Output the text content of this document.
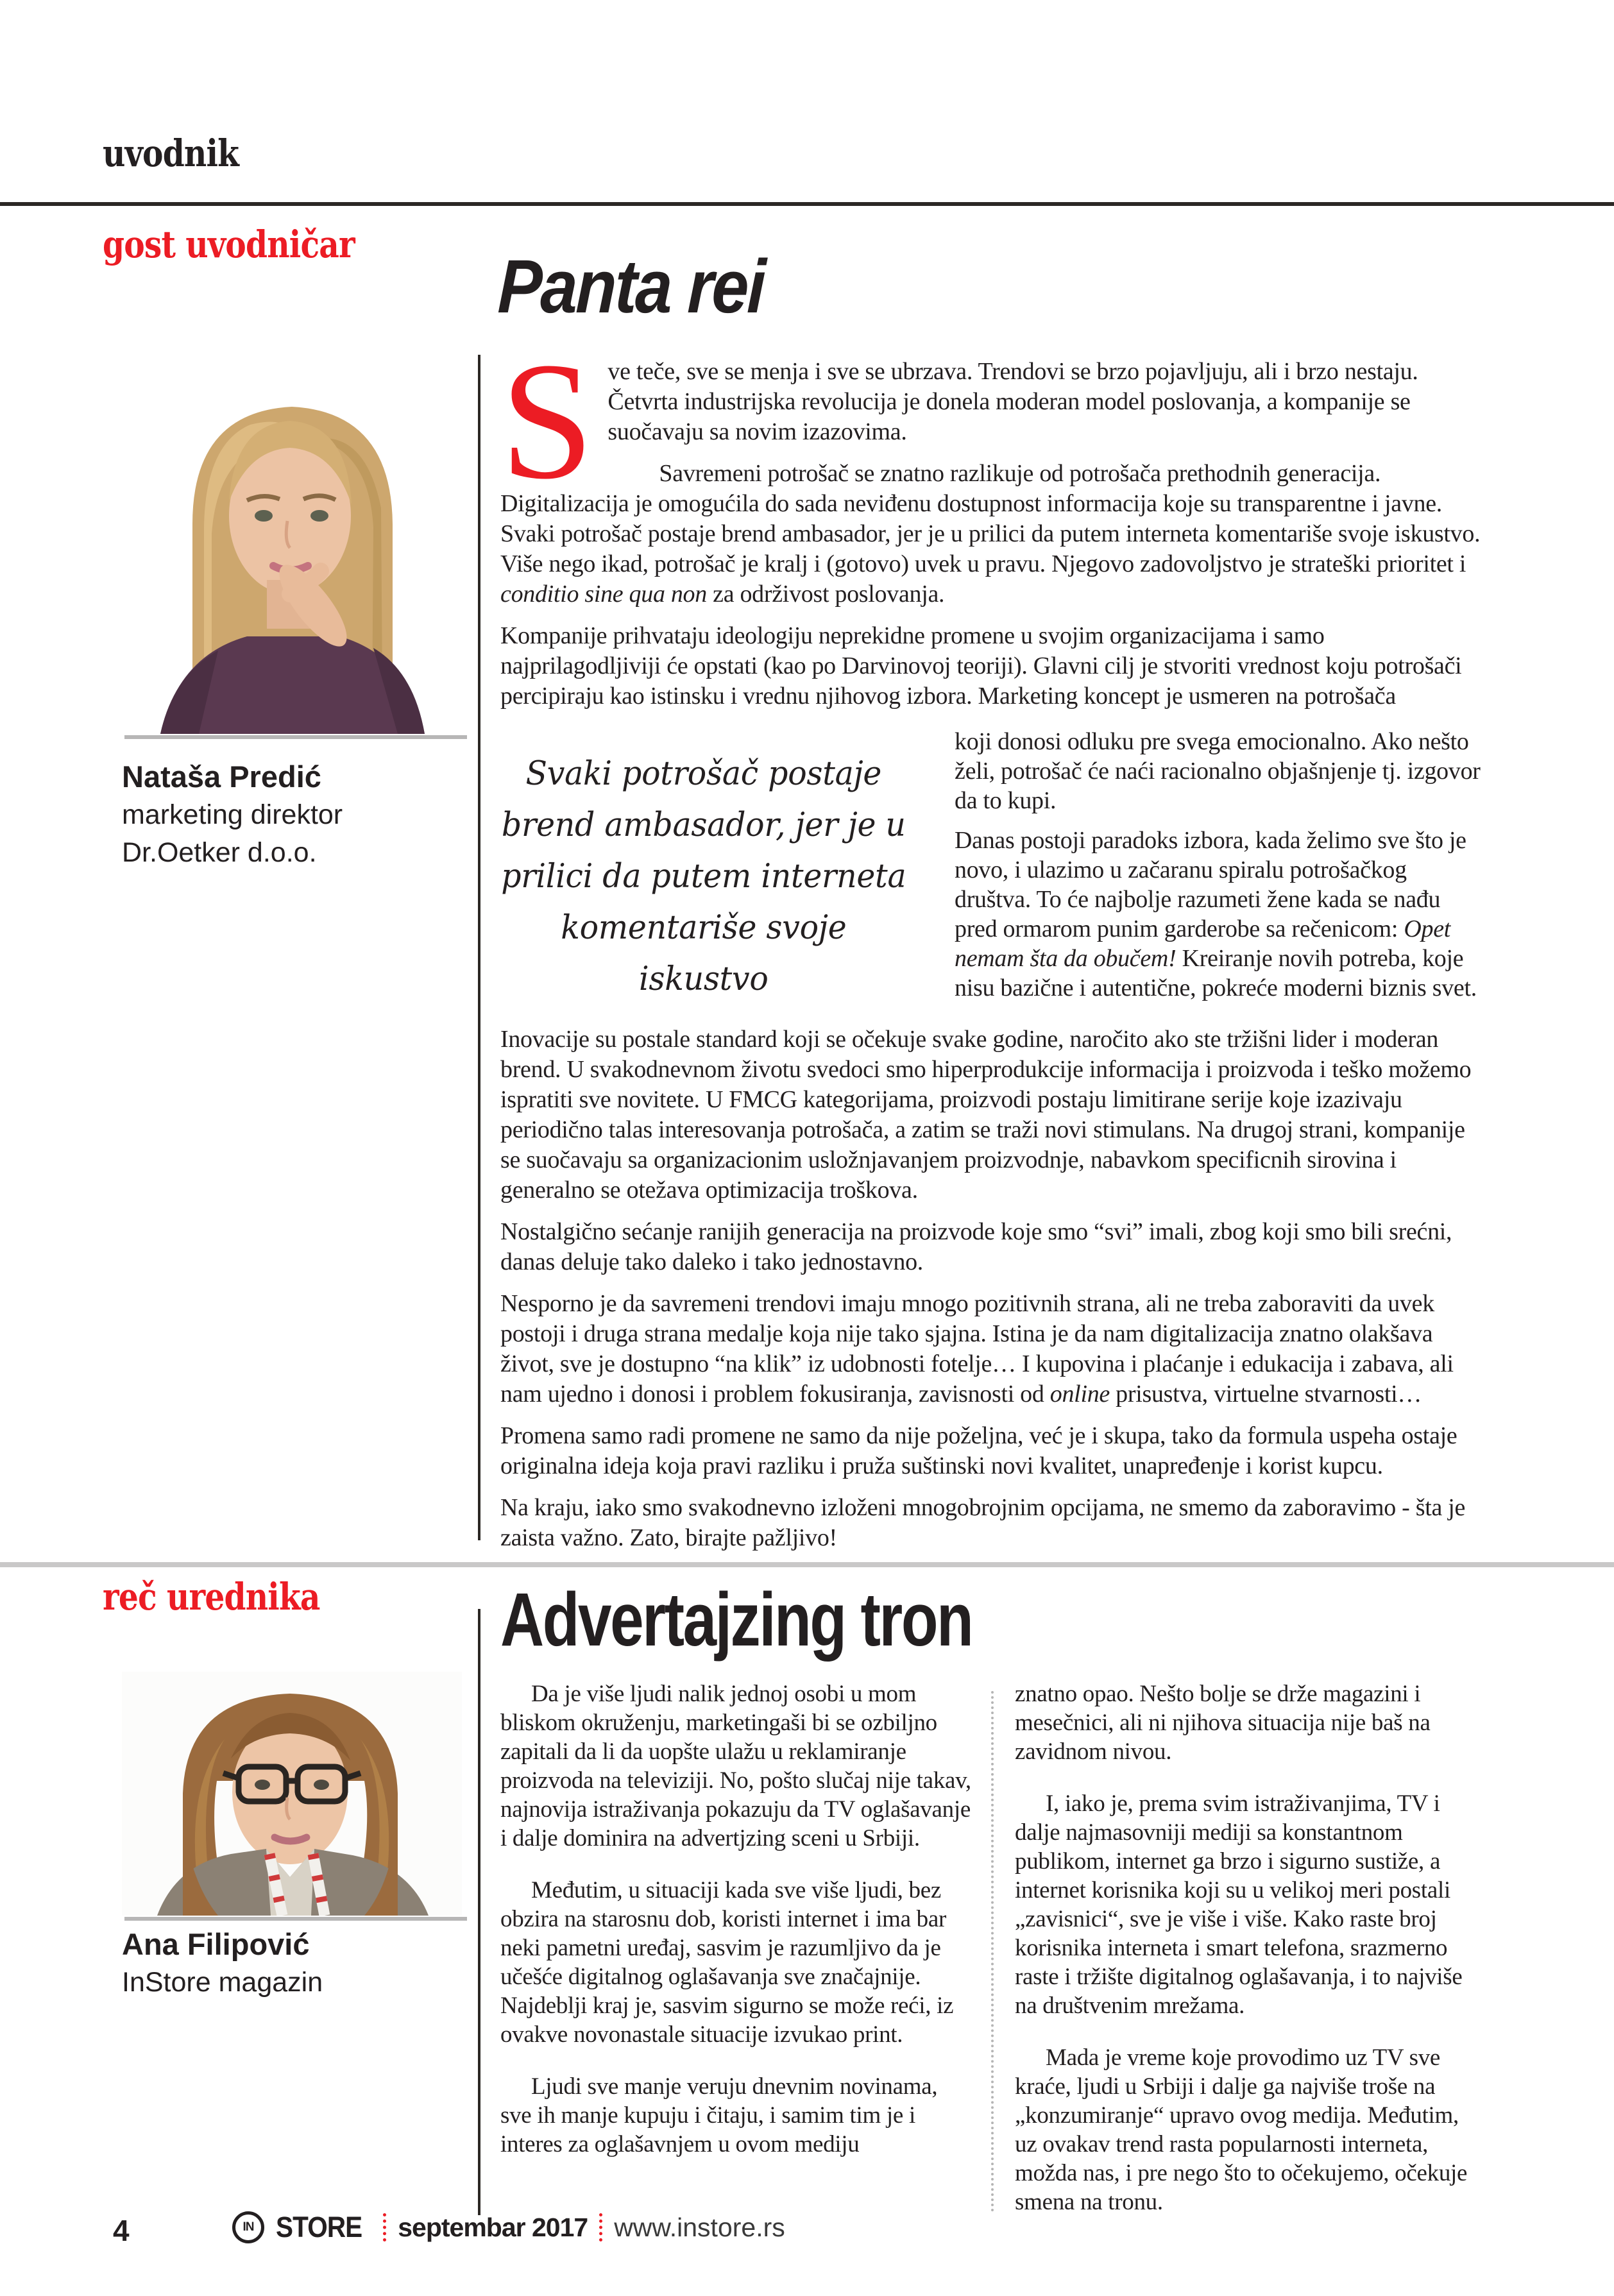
uvodnik
gost uvodničar Panta rei
Nataša Predić
marketing direktor
Dr.Oetker d.o.o.

Sve teče, sve se menja i sve se ubrzava. Trendovi se brzo pojavljuju, ali i brzo nestaju. Četvrta industrijska revolucija je donela moderan model poslovanja, a kompanije se suočavaju sa novim izazovima.

Savremeni potrošač se znatno razlikuje od potrošača prethodnih generacija. Digitalizacija je omogućila do sada neviđenu dostupnost informacija koje su transparentne i javne. Svaki potrošač postaje brend ambasador, jer je u prilici da putem interneta komentariše svoje iskustvo. Više nego ikad, potrošač je kralj i (gotovo) uvek u pravu. Njegovo zadovoljstvo je strateški prioritet i conditio sine qua non za održivost poslovanja.

Kompanije prihvataju ideologiju neprekidne promene u svojim organizacijama i samo najprilagodljiviji će opstati (kao po Darvinovoj teoriji). Glavni cilj je stvoriti vrednost koju potrošači percipiraju kao istinsku i vrednu njihovog izbora. Marketing koncept je usmeren na potrošača

Svaki potrošač postaje brend ambasador, jer je u prilici da putem interneta komentariše svoje iskustvo

koji donosi odluku pre svega emocionalno. Ako nešto želi, potrošač će naći racionalno objašnjenje tj. izgovor da to kupi.

Danas postoji paradoks izbora, kada želimo sve što je novo, i ulazimo u začaranu spiralu potrošačkog društva. To će najbolje razumeti žene kada se nađu pred ormarom punim garderobe sa rečenicom: Opet nemam šta da obučem! Kreiranje novih potreba, koje nisu bazične i autentične, pokreće moderni biznis svet.

Inovacije su postale standard koji se očekuje svake godine, naročito ako ste tržišni lider i moderan brend. U svakodnevnom životu svedoci smo hiperprodukcije informacija i proizvoda i teško možemo ispratiti sve novitete. U FMCG kategorijama, proizvodi postaju limitirane serije koje izazivaju periodično talas interesovanja potrošača, a zatim se traži novi stimulans. Na drugoj strani, kompanije se suočavaju sa organizacionim usložnjavanjem proizvodnje, nabavkom specificnih sirovina i generalno se otežava optimizacija troškova.

Nostalgično sećanje ranijih generacija na proizvode koje smo “svi” imali, zbog koji smo bili srećni, danas deluje tako daleko i tako jednostavno.

Nesporno je da savremeni trendovi imaju mnogo pozitivnih strana, ali ne treba zaboraviti da uvek postoji i druga strana medalje koja nije tako sjajna. Istina je da nam digitalizacija znatno olakšava život, sve je dostupno “na klik” iz udobnosti fotelje… I kupovina i plaćanje i edukacija i zabava, ali nam ujedno i donosi i problem fokusiranja, zavisnosti od online prisustva, virtuelne stvarnosti…

Promena samo radi promene ne samo da nije poželjna, već je i skupa, tako da formula uspeha ostaje originalna ideja koja pravi razliku i pruža suštinski novi kvalitet, unapređenje i korist kupcu.

Na kraju, iako smo svakodnevno izloženi mnogobrojnim opcijama, ne smemo da zaboravimo - šta je zaista važno. Zato, birajte pažljivo!

reč urednika Advertajzing tron
Ana Filipović
InStore magazin

Da je više ljudi nalik jednoj osobi u mom bliskom okruženju, marketingaši bi se ozbiljno zapitali da li da uopšte ulažu u reklamiranje proizvoda na televiziji. No, pošto slučaj nije takav, najnovija istraživanja pokazuju da TV oglašavanje i dalje dominira na advertjzing sceni u Srbiji.

Međutim, u situaciji kada sve više ljudi, bez obzira na starosnu dob, koristi internet i ima bar neki pametni uređaj, sasvim je razumljivo da je učešće digitalnog oglašavanja sve značajnije. Najdeblji kraj je, sasvim sigurno se može reći, iz ovakve novonastale situacije izvukao print.

Ljudi sve manje veruju dnevnim novinama, sve ih manje kupuju i čitaju, i samim tim je i interes za oglašavnjem u ovom mediju

znatno opao. Nešto bolje se drže magazini i mesečnici, ali ni njihova situacija nije baš na zavidnom nivou.

I, iako je, prema svim istraživanjima, TV i dalje najmasovniji mediji sa konstantnom publikom, internet ga brzo i sigurno sustiže, a internet korisnika koji su u velikoj meri postali „zavisnici“, sve je više i više. Kako raste broj korisnika interneta i smart telefona, srazmerno raste i tržište digitalnog oglašavanja, i to najviše na društvenim mrežama.

Mada je vreme koje provodimo uz TV sve kraće, ljudi u Srbiji i dalje ga najviše troše na „konzumiranje“ upravo ovog medija. Međutim, uz ovakav trend rasta popularnosti interneta, možda nas, i pre nego što to očekujemo, očekuje smena na tronu.

4	IN STORE septembar 2017 www.instore.rs
